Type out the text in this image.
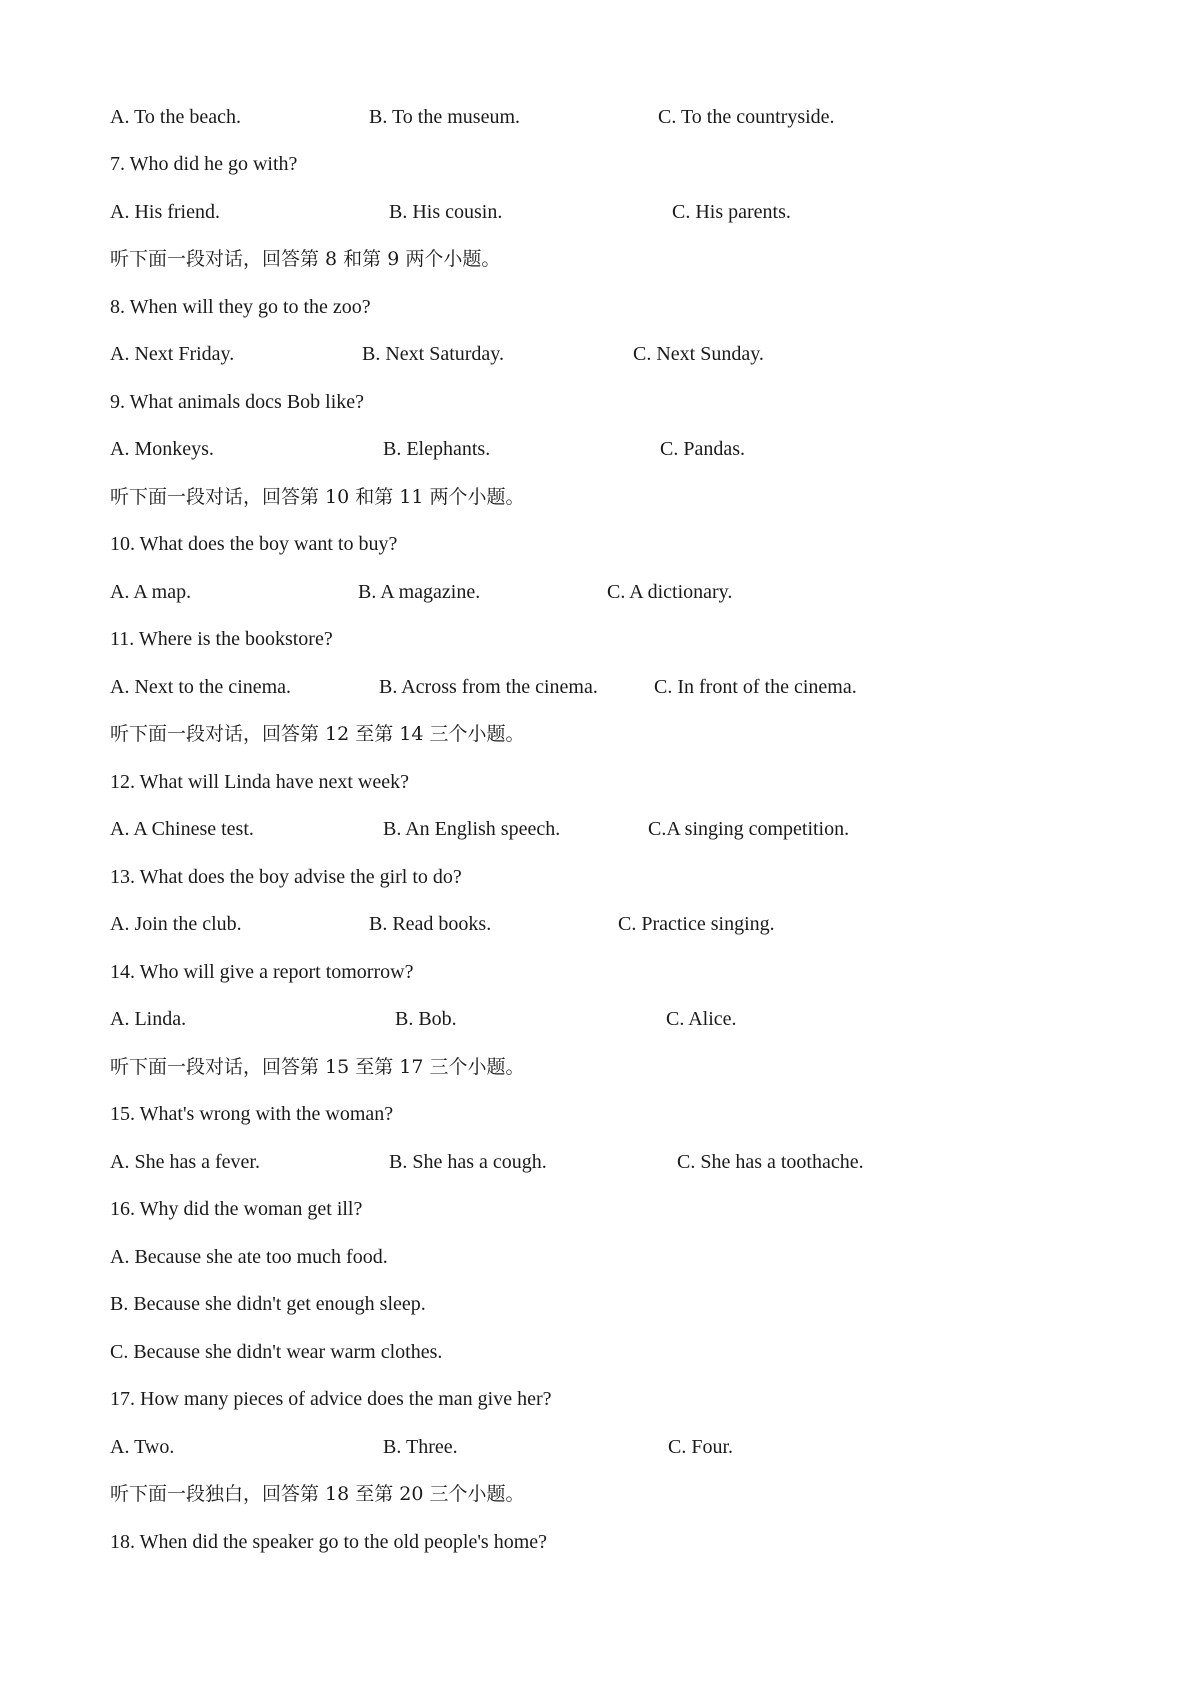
A. To the beach.	B. To the museum.	C. To the countryside.
7. Who did he go with?
A. His friend.	B. His cousin.	C. His parents.
听下面一段对话，回答第 8 和第 9 两个小题。
8. When will they go to the zoo?
A. Next Friday.	B. Next Saturday.	C. Next Sunday.
9. What animals docs Bob like?
A. Monkeys.	B. Elephants.	C. Pandas.
听下面一段对话，回答第 10 和第 11 两个小题。
10. What does the boy want to buy?
A. A map.	B. A magazine.	C. A dictionary.
11. Where is the bookstore?
A. Next to the cinema.	B. Across from the cinema.	C. In front of the cinema.
听下面一段对话，回答第 12 至第 14 三个小题。
12. What will Linda have next week?
A. A Chinese test.	B. An English speech.	C.A singing competition.
13. What does the boy advise the girl to do?
A. Join the club.	B. Read books.	C. Practice singing.
14. Who will give a report tomorrow?
A. Linda.	B. Bob.	C. Alice.
听下面一段对话，回答第 15 至第 17 三个小题。
15. What's wrong with the woman?
A. She has a fever.	B. She has a cough.	C. She has a toothache.
16. Why did the woman get ill?
A. Because she ate too much food.
B. Because she didn't get enough sleep.
C. Because she didn't wear warm clothes.
17. How many pieces of advice does the man give her?
A. Two.	B. Three.	C. Four.
听下面一段独白，回答第 18 至第 20 三个小题。
18. When did the speaker go to the old people's home?
